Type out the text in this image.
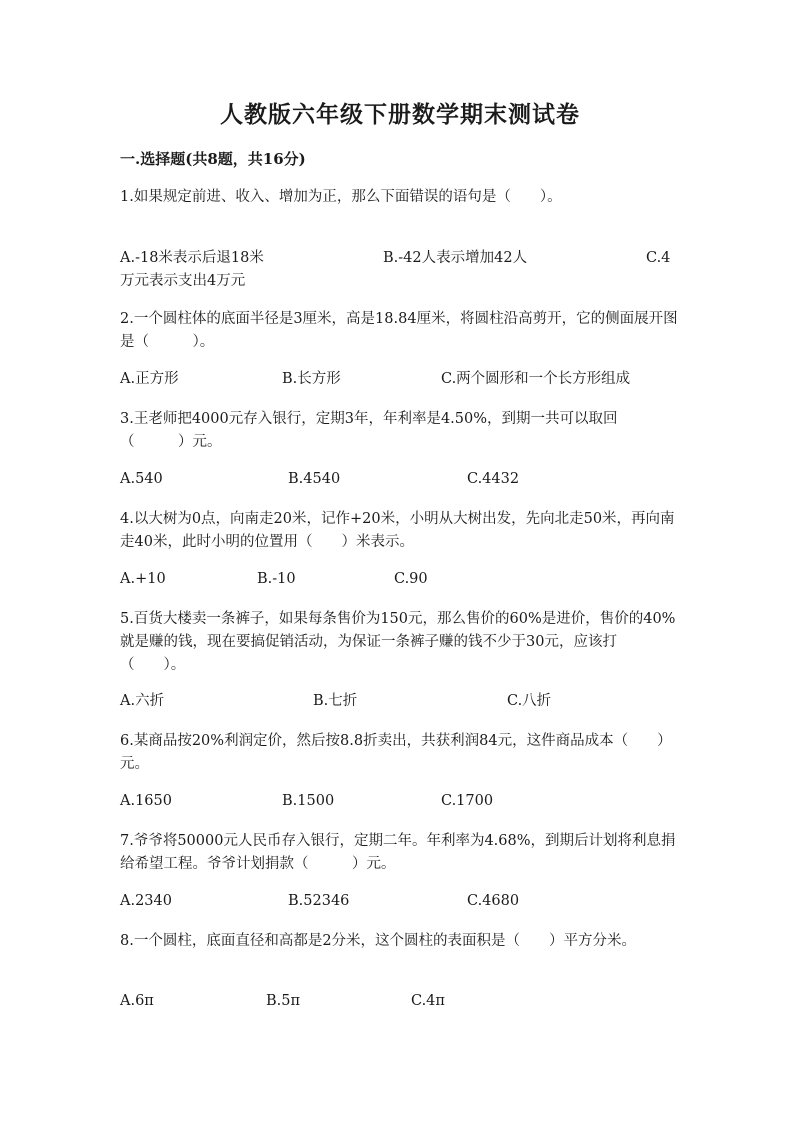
人教版六年级下册数学期末测试卷
一.选择题(共8题，共16分)
1.如果规定前进、收入、增加为正，那么下面错误的语句是（　　）。
A.-18米表示后退18米	B.-42人表示增加42人	C.4
万元表示支出4万元
2.一个圆柱体的底面半径是3厘米，高是18.84厘米，将圆柱沿高剪开，它的侧面展开图是（　　　）。
A.正方形	B.长方形	C.两个圆形和一个长方形组成
3.王老师把4000元存入银行，定期3年，年利率是4.50%，到期一共可以取回（　　　）元。
A.540	B.4540	C.4432
4.以大树为0点，向南走20米，记作+20米，小明从大树出发，先向北走50米，再向南走40米，此时小明的位置用（　　）米表示。
A.+10	B.-10	C.90
5.百货大楼卖一条裤子，如果每条售价为150元，那么售价的60%是进价，售价的40%就是赚的钱，现在要搞促销活动，为保证一条裤子赚的钱不少于30元，应该打（　　）。
A.六折	B.七折	C.八折
6.某商品按20%利润定价，然后按8.8折卖出，共获利润84元，这件商品成本（　　）元。
A.1650	B.1500	C.1700
7.爷爷将50000元人民币存入银行，定期二年。年利率为4.68%，到期后计划将利息捐给希望工程。爷爷计划捐款（　　　）元。
A.2340	B.52346	C.4680
8.一个圆柱，底面直径和高都是2分米，这个圆柱的表面积是（　　）平方分米。
A.6π	B.5π	C.4π
